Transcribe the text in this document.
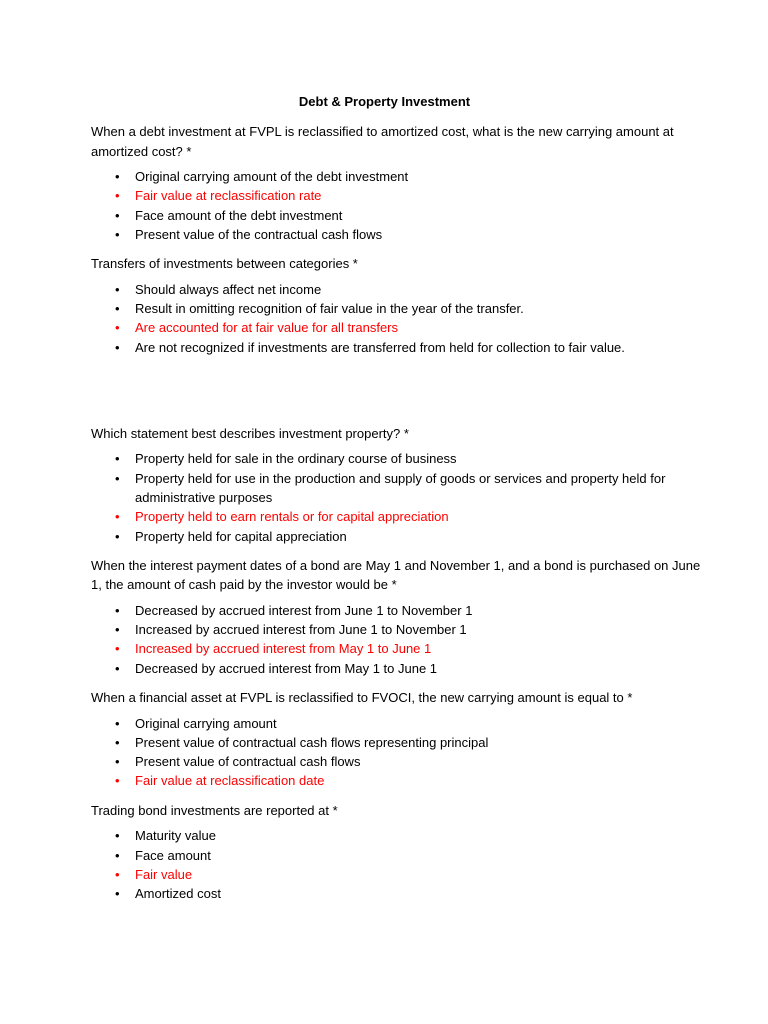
Debt & Property Investment

When a debt investment at FVPL is reclassified to amortized cost, what is the new carrying amount at amortized cost? *

• Original carrying amount of the debt investment
• Fair value at reclassification rate
• Face amount of the debt investment
• Present value of the contractual cash flows

Transfers of investments between categories *

• Should always affect net income
• Result in omitting recognition of fair value in the year of the transfer.
• Are accounted for at fair value for all transfers
• Are not recognized if investments are transferred from held for collection to fair value.

Which statement best describes investment property? *

• Property held for sale in the ordinary course of business
• Property held for use in the production and supply of goods or services and property held for administrative purposes
• Property held to earn rentals or for capital appreciation
• Property held for capital appreciation

When the interest payment dates of a bond are May 1 and November 1, and a bond is purchased on June 1, the amount of cash paid by the investor would be *

• Decreased by accrued interest from June 1 to November 1
• Increased by accrued interest from June 1 to November 1
• Increased by accrued interest from May 1 to June 1
• Decreased by accrued interest from May 1 to June 1

When a financial asset at FVPL is reclassified to FVOCI, the new carrying amount is equal to *

• Original carrying amount
• Present value of contractual cash flows representing principal
• Present value of contractual cash flows
• Fair value at reclassification date

Trading bond investments are reported at *

• Maturity value
• Face amount
• Fair value
• Amortized cost
